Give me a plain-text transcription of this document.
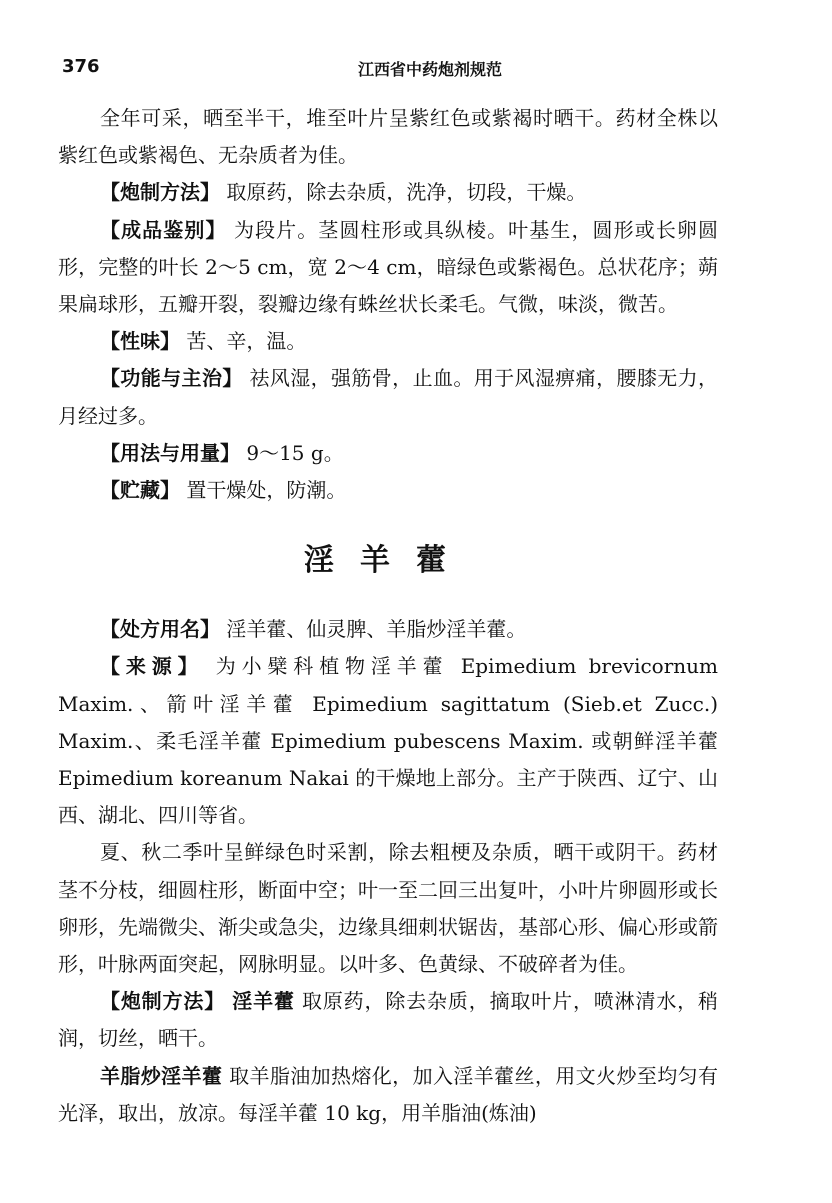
376	江西省中药炮剂规范

全年可采，晒至半干，堆至叶片呈紫红色或紫褐时晒干。药材全株以紫红色或紫褐色、无杂质者为佳。

【炮制方法】 取原药，除去杂质，洗净，切段，干燥。

【成品鉴别】 为段片。茎圆柱形或具纵棱。叶基生，圆形或长卵圆形，完整的叶长 2～5 cm，宽 2～4 cm，暗绿色或紫褐色。总状花序；蒴果扁球形，五瓣开裂，裂瓣边缘有蛛丝状长柔毛。气微，味淡，微苦。

【性味】 苦、辛，温。

【功能与主治】 祛风湿，强筋骨，止血。用于风湿痹痛，腰膝无力，月经过多。

【用法与用量】 9～15 g。

【贮藏】 置干燥处，防潮。

淫羊藿

【处方用名】 淫羊藿、仙灵脾、羊脂炒淫羊藿。

【来源】 为小檗科植物淫羊藿 Epimedium brevicornum Maxim.、箭叶淫羊藿 Epimedium sagittatum (Sieb.et Zucc.) Maxim.、柔毛淫羊藿 Epimedium pubescens Maxim. 或朝鲜淫羊藿 Epimedium koreanum Nakai 的干燥地上部分。主产于陕西、辽宁、山西、湖北、四川等省。

夏、秋二季叶呈鲜绿色时采割，除去粗梗及杂质，晒干或阴干。药材茎不分枝，细圆柱形，断面中空；叶一至二回三出复叶，小叶片卵圆形或长卵形，先端微尖、渐尖或急尖，边缘具细刺状锯齿，基部心形、偏心形或箭形，叶脉两面突起，网脉明显。以叶多、色黄绿、不破碎者为佳。

【炮制方法】 淫羊藿 取原药，除去杂质，摘取叶片，喷淋清水，稍润，切丝，晒干。

羊脂炒淫羊藿 取羊脂油加热熔化，加入淫羊藿丝，用文火炒至均匀有光泽，取出，放凉。每淫羊藿 10 kg，用羊脂油(炼油)
